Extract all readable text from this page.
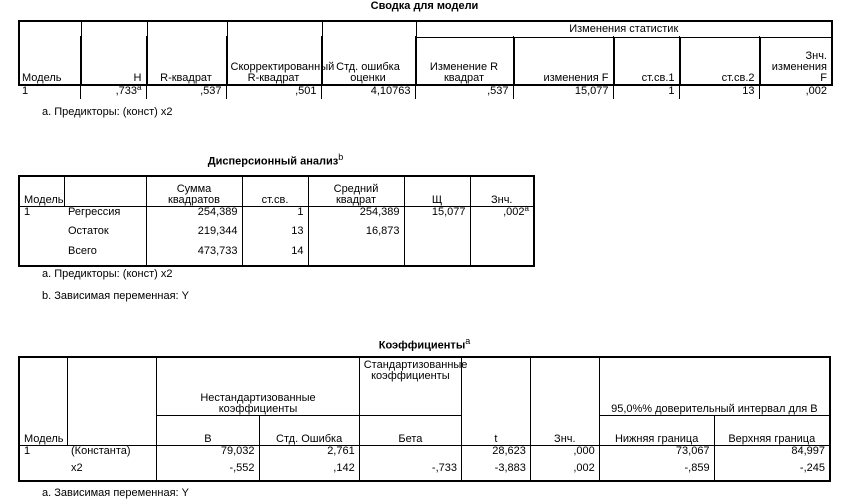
Сводка для модели
					Изменения статистик				

Модель	Н	R-квадрат	Скорректированный R-квадрат	Стд. ошибка оценки	Изменение R квадрат	изменения F	ст.св.1	ст.св.2	Знч. изменения F
1	,733$^a$	,537	,501	4,10763	,537	15,077	1	13	,002
a. Предикторы: (конст) x2
Дисперсионный анализ$^b$
Модель		Сумма квадратов	ст.св.	Средний квадрат	Щ	Знч.
1	Регрессия	254,389	1	254,389	15,077	,002$^a$
	Остаток	219,344	13	16,873		
	Всего	473,733	14			
a. Предикторы: (конст) x2
b. Зависимая переменная: Y
Коэффициенты$^a$
Модель		Нестандартизованные коэффициенты		Стандартизованные коэффициенты	t	Знч.	95,0%% доверительный интервал для B	
		B	Стд. Ошибка	Бета			Нижняя граница	Верхняя граница
1	(Константа)	79,032	2,761		28,623	,000	73,067	84,997
	x2	-,552	,142	-,733	-3,883	,002	-,859	-,245
a. Зависимая переменная: Y
